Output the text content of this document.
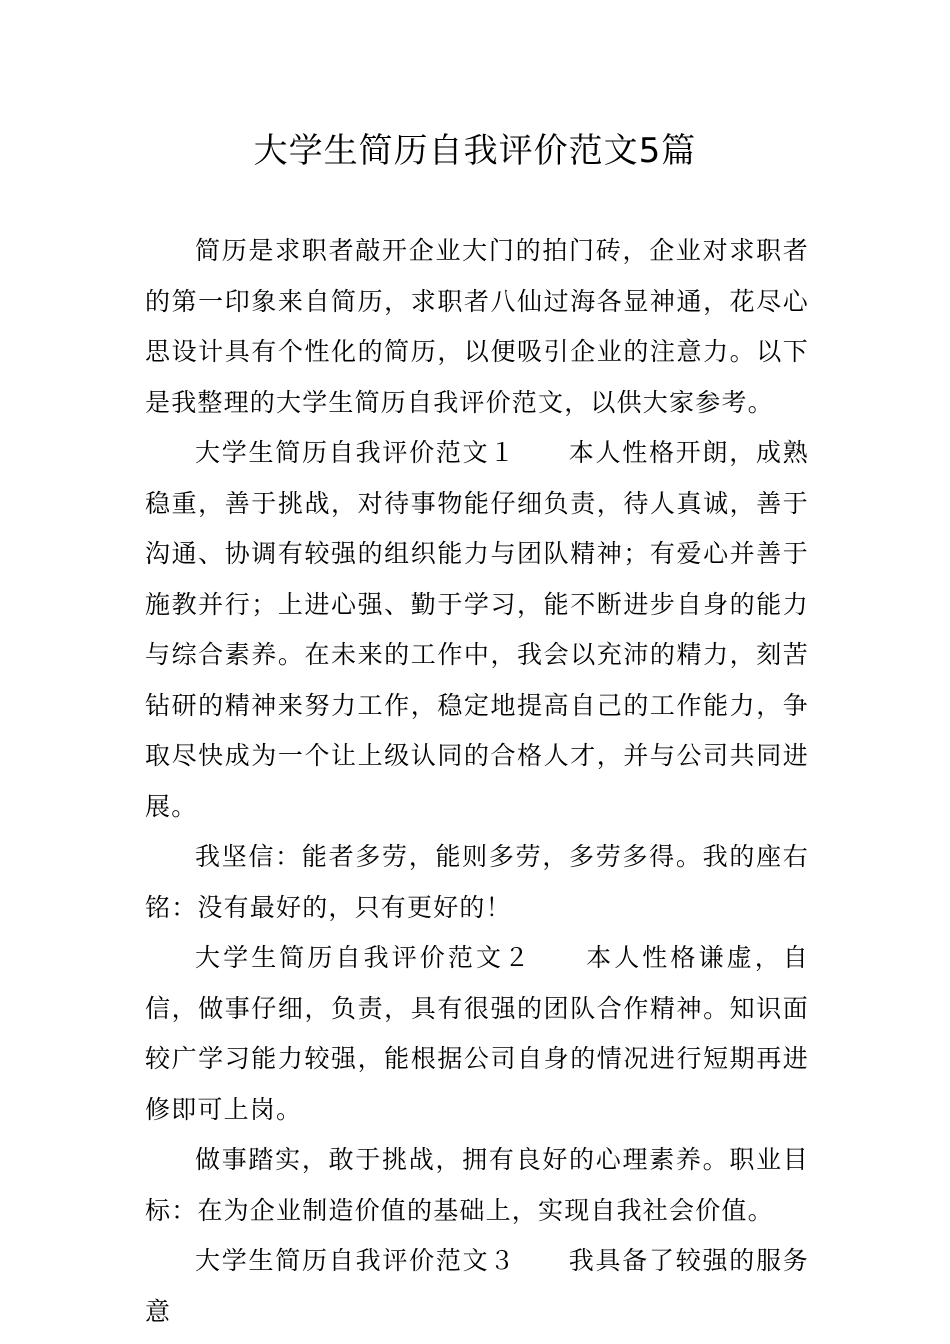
大学生简历自我评价范文5篇

简历是求职者敲开企业大门的拍门砖，企业对求职者的第一印象来自简历，求职者八仙过海各显神通，花尽心思设计具有个性化的简历，以便吸引企业的注意力。以下是我整理的大学生简历自我评价范文，以供大家参考。

大学生简历自我评价范文１ 本人性格开朗，成熟稳重，善于挑战，对待事物能仔细负责，待人真诚，善于沟通、协调有较强的组织能力与团队精神；有爱心并善于施教并行；上进心强、勤于学习，能不断进步自身的能力与综合素养。在未来的工作中，我会以充沛的精力，刻苦钻研的精神来努力工作，稳定地提高自己的工作能力，争取尽快成为一个让上级认同的合格人才，并与公司共同进展。

我坚信：能者多劳，能则多劳，多劳多得。我的座右铭：没有最好的，只有更好的！

大学生简历自我评价范文２ 本人性格谦虚，自信，做事仔细，负责，具有很强的团队合作精神。知识面较广学习能力较强，能根据公司自身的情况进行短期再进修即可上岗。

做事踏实，敢于挑战，拥有良好的心理素养。职业目标：在为企业制造价值的基础上，实现自我社会价值。

大学生简历自我评价范文３ 我具备了较强的服务意
